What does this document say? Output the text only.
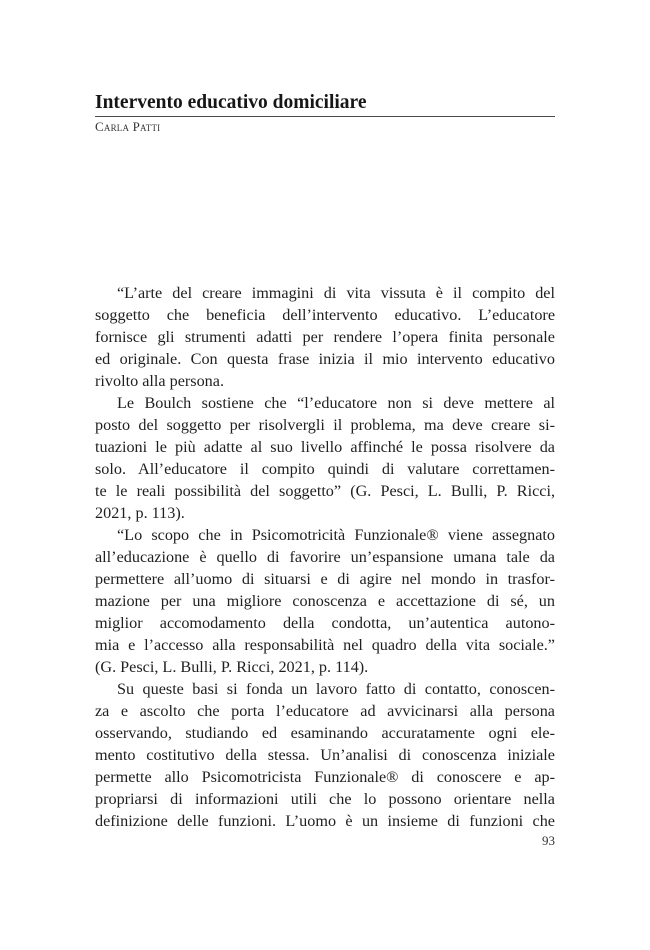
Intervento educativo domiciliare
Carla Patti
“L’arte del creare immagini di vita vissuta è il compito del
soggetto che beneficia dell’intervento educativo. L’educatore
fornisce gli strumenti adatti per rendere l’opera finita personale
ed originale. Con questa frase inizia il mio intervento educativo
rivolto alla persona.
Le Boulch sostiene che “l’educatore non si deve mettere al
posto del soggetto per risolvergli il problema, ma deve creare si-
tuazioni le più adatte al suo livello affinché le possa risolvere da
solo. All’educatore il compito quindi di valutare correttamen-
te le reali possibilità del soggetto” (G. Pesci, L. Bulli, P. Ricci,
2021, p. 113).
“Lo scopo che in Psicomotricità Funzionale® viene assegnato
all’educazione è quello di favorire un’espansione umana tale da
permettere all’uomo di situarsi e di agire nel mondo in trasfor-
mazione per una migliore conoscenza e accettazione di sé, un
miglior accomodamento della condotta, un’autentica autono-
mia e l’accesso alla responsabilità nel quadro della vita sociale.”
(G. Pesci, L. Bulli, P. Ricci, 2021, p. 114).
Su queste basi si fonda un lavoro fatto di contatto, conoscen-
za e ascolto che porta l’educatore ad avvicinarsi alla persona
osservando, studiando ed esaminando accuratamente ogni ele-
mento costitutivo della stessa. Un’analisi di conoscenza iniziale
permette allo Psicomotricista Funzionale® di conoscere e ap-
propriarsi di informazioni utili che lo possono orientare nella
definizione delle funzioni. L’uomo è un insieme di funzioni che
93
